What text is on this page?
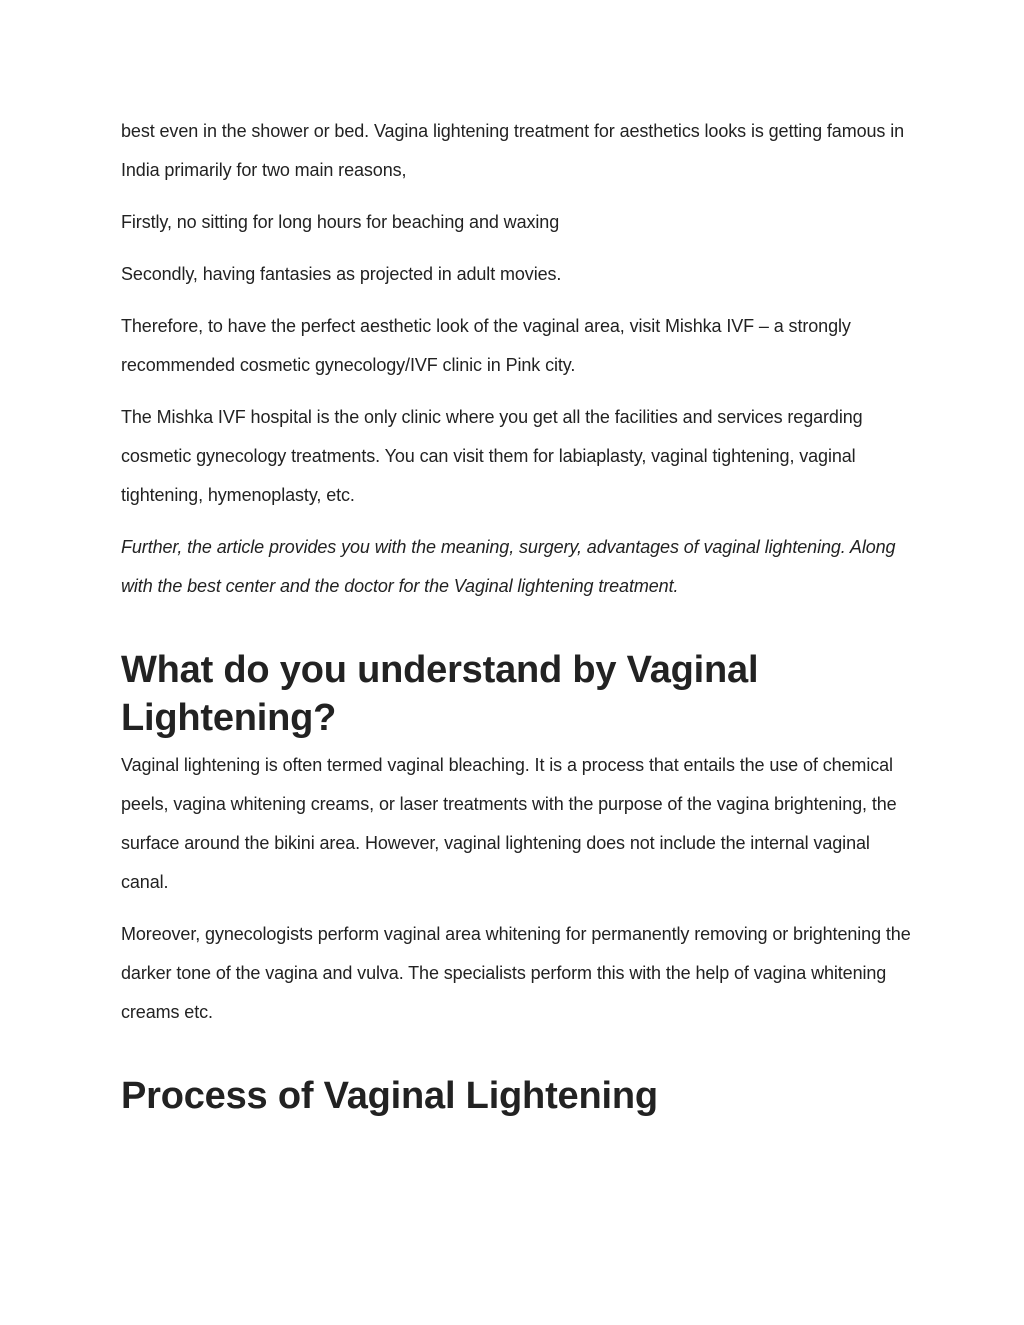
best even in the shower or bed. Vagina lightening treatment for aesthetics looks is getting famous in India primarily for two main reasons,

Firstly, no sitting for long hours for beaching and waxing

Secondly, having fantasies as projected in adult movies.

Therefore, to have the perfect aesthetic look of the vaginal area, visit Mishka IVF – a strongly recommended cosmetic gynecology/IVF clinic in Pink city.

The Mishka IVF hospital is the only clinic where you get all the facilities and services regarding cosmetic gynecology treatments. You can visit them for labiaplasty, vaginal tightening, vaginal tightening, hymenoplasty, etc.

Further, the article provides you with the meaning, surgery, advantages of vaginal lightening. Along with the best center and the doctor for the Vaginal lightening treatment.

What do you understand by Vaginal Lightening?

Vaginal lightening is often termed vaginal bleaching. It is a process that entails the use of chemical peels, vagina whitening creams, or laser treatments with the purpose of the vagina brightening, the surface around the bikini area. However, vaginal lightening does not include the internal vaginal canal.

Moreover, gynecologists perform vaginal area whitening for permanently removing or brightening the darker tone of the vagina and vulva. The specialists perform this with the help of vagina whitening creams etc.

Process of Vaginal Lightening
